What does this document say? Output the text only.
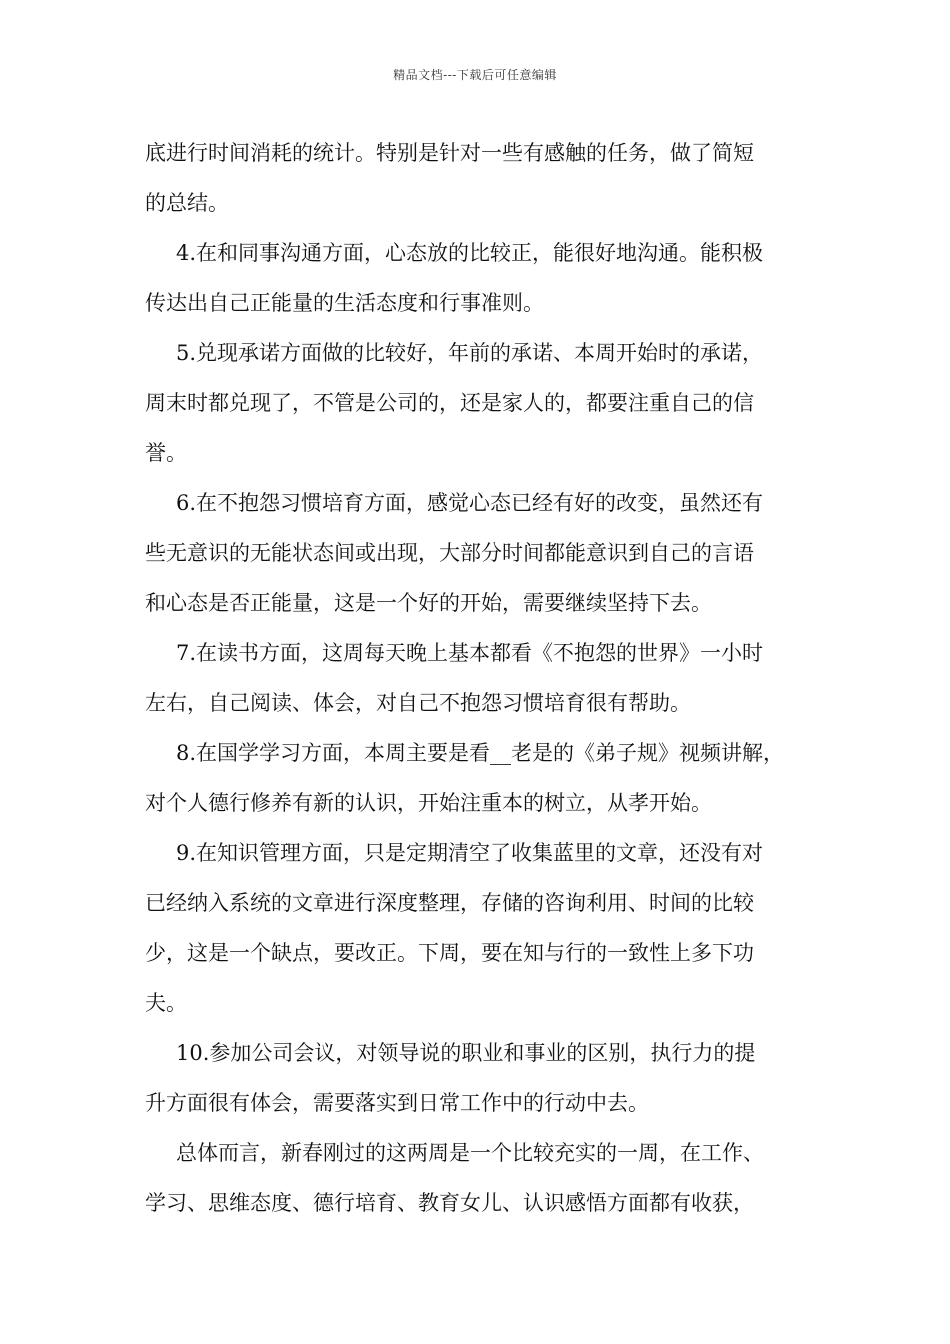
精品文档---下载后可任意编辑
底进行时间消耗的统计。特别是针对一些有感触的任务，做了简短
的总结。
4.在和同事沟通方面，心态放的比较正，能很好地沟通。能积极
传达出自己正能量的生活态度和行事准则。
5.兑现承诺方面做的比较好，年前的承诺、本周开始时的承诺，
周末时都兑现了，不管是公司的，还是家人的，都要注重自己的信
誉。
6.在不抱怨习惯培育方面，感觉心态已经有好的改变，虽然还有
些无意识的无能状态间或出现，大部分时间都能意识到自己的言语
和心态是否正能量，这是一个好的开始，需要继续坚持下去。
7.在读书方面，这周每天晚上基本都看《不抱怨的世界》一小时
左右，自己阅读、体会，对自己不抱怨习惯培育很有帮助。
8.在国学学习方面，本周主要是看__老是的《弟子规》视频讲解，
对个人德行修养有新的认识，开始注重本的树立，从孝开始。
9.在知识管理方面，只是定期清空了收集蓝里的文章，还没有对
已经纳入系统的文章进行深度整理，存储的咨询利用、时间的比较
少，这是一个缺点，要改正。下周，要在知与行的一致性上多下功
夫。
10.参加公司会议，对领导说的职业和事业的区别，执行力的提
升方面很有体会，需要落实到日常工作中的行动中去。
总体而言，新春刚过的这两周是一个比较充实的一周，在工作、
学习、思维态度、德行培育、教育女儿、认识感悟方面都有收获，
